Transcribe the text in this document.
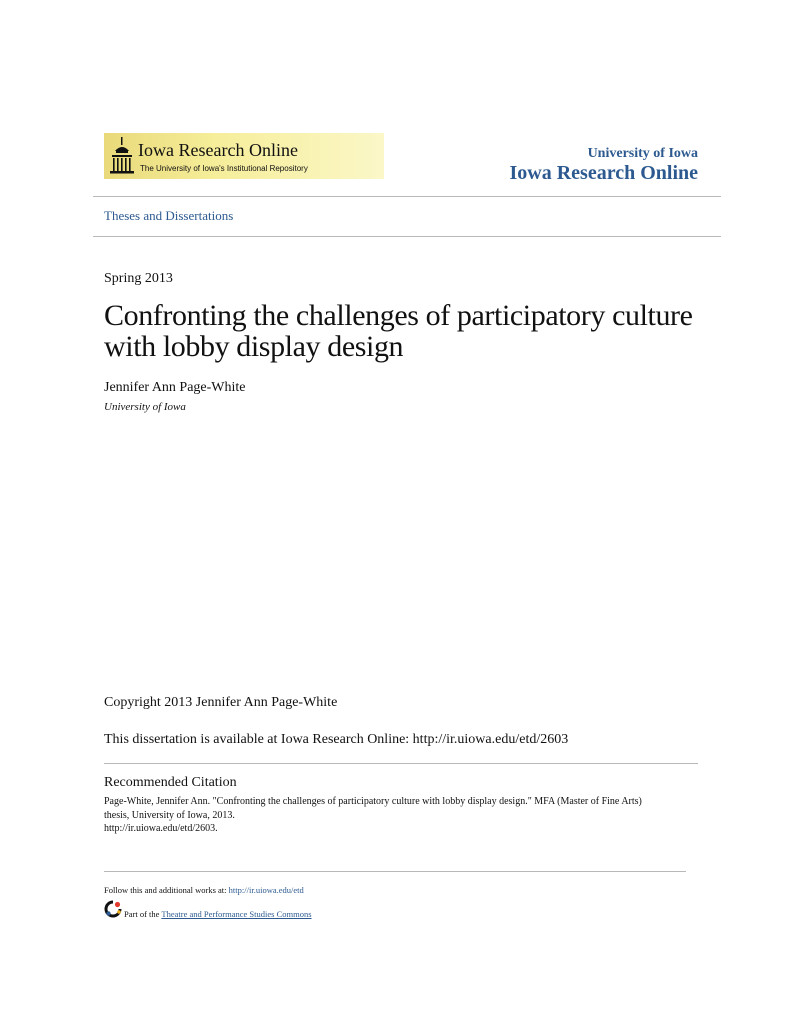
Iowa Research Online
The University of Iowa's Institutional Repository
University of Iowa
Iowa Research Online
Theses and Dissertations
Spring 2013
Confronting the challenges of participatory culture with lobby display design
Jennifer Ann Page-White
University of Iowa
Copyright 2013 Jennifer Ann Page-White
This dissertation is available at Iowa Research Online: http://ir.uiowa.edu/etd/2603
Recommended Citation
Page-White, Jennifer Ann. "Confronting the challenges of participatory culture with lobby display design." MFA (Master of Fine Arts)
thesis, University of Iowa, 2013.
http://ir.uiowa.edu/etd/2603.
Follow this and additional works at: http://ir.uiowa.edu/etd
Part of the Theatre and Performance Studies Commons
